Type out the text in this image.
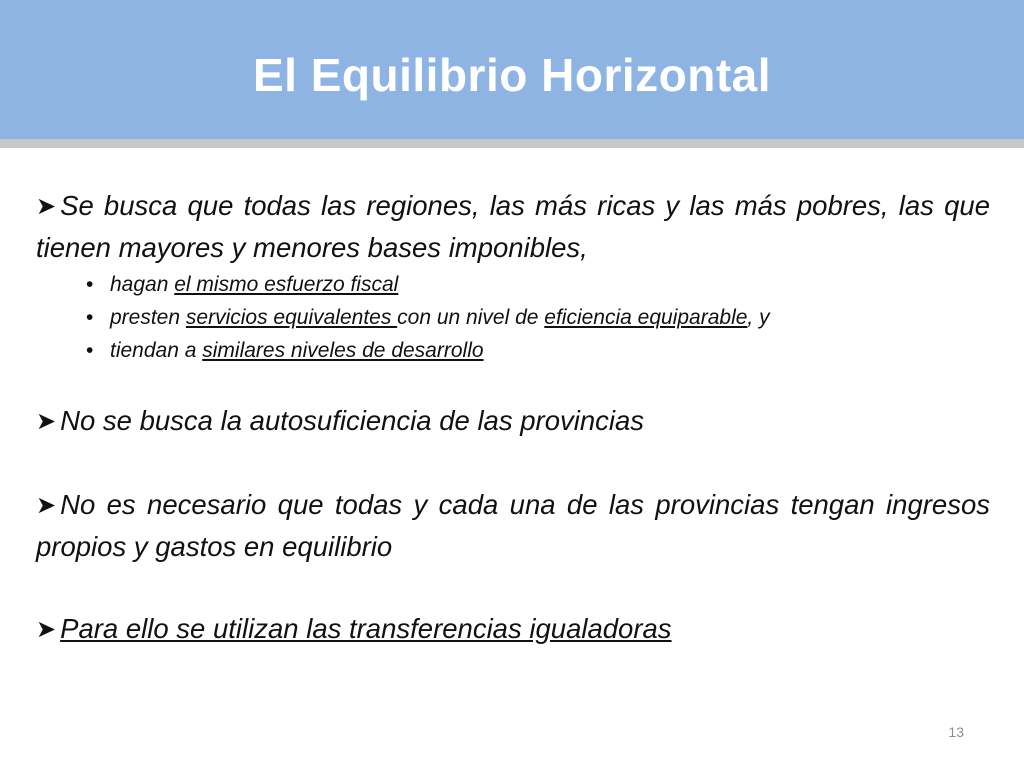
El Equilibrio Horizontal

➤ Se busca que todas las regiones, las más ricas y las más pobres, las que tienen mayores y menores bases imponibles,

• hagan el mismo esfuerzo fiscal
• presten servicios equivalentes con un nivel de eficiencia equiparable, y
• tiendan a similares niveles de desarrollo

➤ No se busca la autosuficiencia de las provincias

➤ No es necesario que todas y cada una de las provincias tengan ingresos propios y gastos en equilibrio

➤ Para ello se utilizan las transferencias igualadoras

13
